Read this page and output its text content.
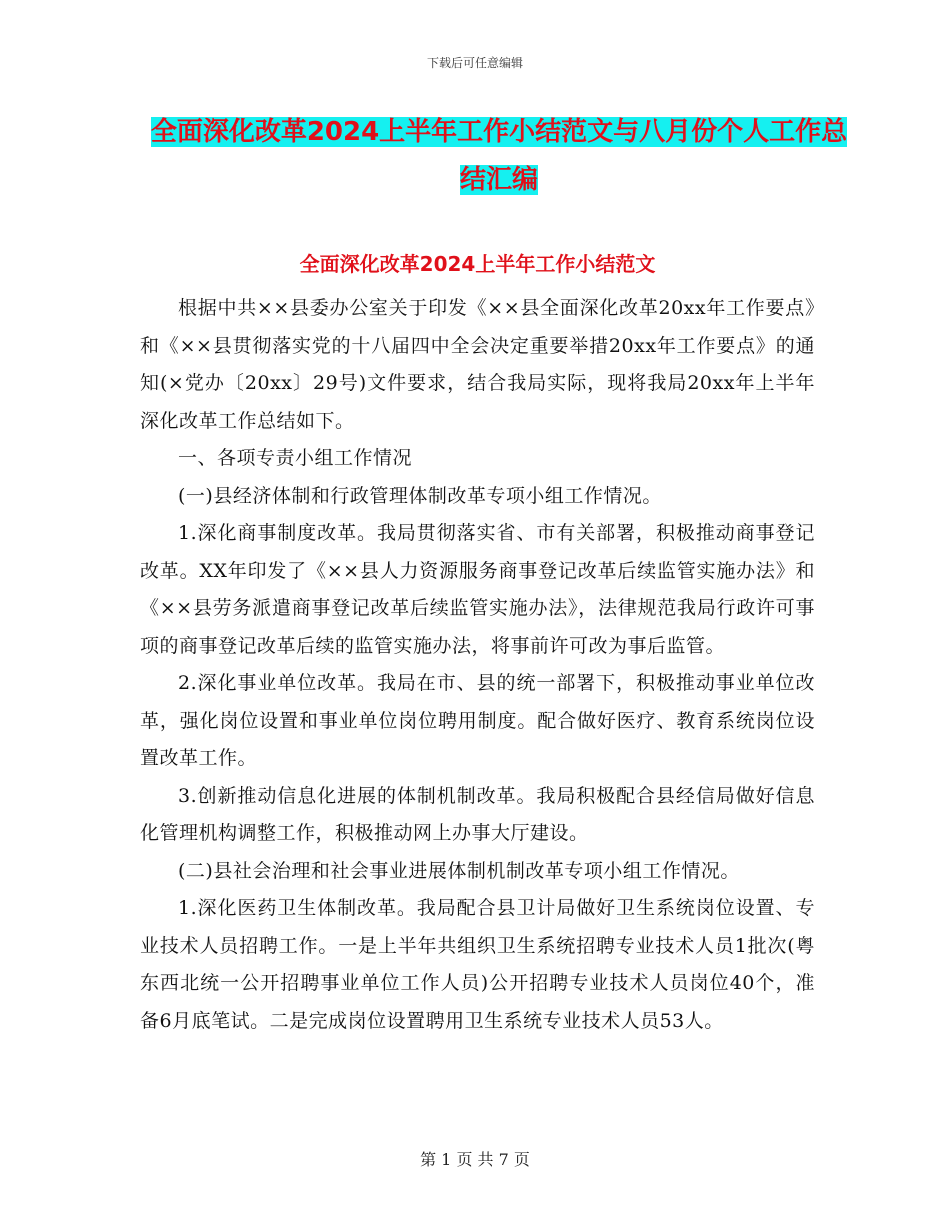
下载后可任意编辑
全面深化改革2024上半年工作小结范文与八月份个人工作总结汇编
全面深化改革2024上半年工作小结范文

根据中共××县委办公室关于印发《××县全面深化改革20xx年工作要点》和《××县贯彻落实党的十八届四中全会决定重要举措20xx年工作要点》的通知(×党办〔20xx〕29号)文件要求，结合我局实际，现将我局20xx年上半年深化改革工作总结如下。

一、各项专责小组工作情况

(一)县经济体制和行政管理体制改革专项小组工作情况。

1.深化商事制度改革。我局贯彻落实省、市有关部署，积极推动商事登记改革。XX年印发了《××县人力资源服务商事登记改革后续监管实施办法》和《××县劳务派遣商事登记改革后续监管实施办法》，法律规范我局行政许可事项的商事登记改革后续的监管实施办法，将事前许可改为事后监管。

2.深化事业单位改革。我局在市、县的统一部署下，积极推动事业单位改革，强化岗位设置和事业单位岗位聘用制度。配合做好医疗、教育系统岗位设置改革工作。

3.创新推动信息化进展的体制机制改革。我局积极配合县经信局做好信息化管理机构调整工作，积极推动网上办事大厅建设。

(二)县社会治理和社会事业进展体制机制改革专项小组工作情况。

1.深化医药卫生体制改革。我局配合县卫计局做好卫生系统岗位设置、专业技术人员招聘工作。一是上半年共组织卫生系统招聘专业技术人员1批次(粤东西北统一公开招聘事业单位工作人员)公开招聘专业技术人员岗位40个，准备6月底笔试。二是完成岗位设置聘用卫生系统专业技术人员53人。

第 1 页 共 7 页
